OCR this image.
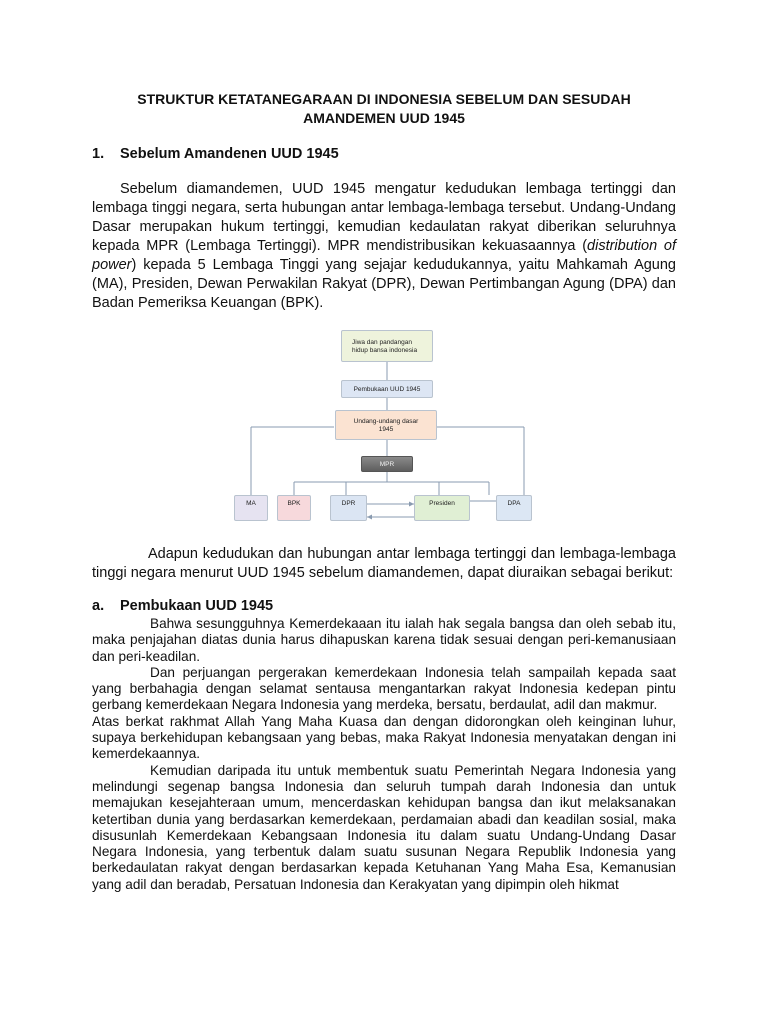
STRUKTUR KETATANEGARAAN DI INDONESIA SEBELUM DAN SESUDAH
AMANDEMEN UUD 1945
1. Sebelum Amandenen UUD 1945
Sebelum diamandemen, UUD 1945 mengatur kedudukan lembaga tertinggi dan lembaga tinggi negara, serta hubungan antar lembaga-lembaga tersebut. Undang-Undang Dasar merupakan hukum tertinggi, kemudian kedaulatan rakyat diberikan seluruhnya kepada MPR (Lembaga Tertinggi). MPR mendistribusikan kekuasaannya (distribution of power) kepada 5 Lembaga Tinggi yang sejajar kedudukannya, yaitu Mahkamah Agung (MA), Presiden, Dewan Perwakilan Rakyat (DPR), Dewan Pertimbangan Agung (DPA) dan Badan Pemeriksa Keuangan (BPK).
Jiwa dan pandangan
hidup bansa indonesia
Pembukaan UUD 1945
Undang-undang dasar
1945
MPR
MA	BPK	DPR	Presiden	DPA
Adapun kedudukan dan hubungan antar lembaga tertinggi dan lembaga-lembaga tinggi negara menurut UUD 1945 sebelum diamandemen, dapat diuraikan sebagai berikut:
a. Pembukaan UUD 1945

Bahwa sesungguhnya Kemerdekaaan itu ialah hak segala bangsa dan oleh sebab itu, maka penjajahan diatas dunia harus dihapuskan karena tidak sesuai dengan peri-kemanusiaan dan peri-keadilan.

Dan perjuangan pergerakan kemerdekaan Indonesia telah sampailah kepada saat yang berbahagia dengan selamat sentausa mengantarkan rakyat Indonesia kedepan pintu gerbang kemerdekaan Negara Indonesia yang merdeka, bersatu, berdaulat, adil dan makmur.

Atas berkat rakhmat Allah Yang Maha Kuasa dan dengan didorongkan oleh keinginan luhur, supaya berkehidupan kebangsaan yang bebas, maka Rakyat Indonesia menyatakan dengan ini kemerdekaannya.

Kemudian daripada itu untuk membentuk suatu Pemerintah Negara Indonesia yang melindungi segenap bangsa Indonesia dan seluruh tumpah darah Indonesia dan untuk memajukan kesejahteraan umum, mencerdaskan kehidupan bangsa dan ikut melaksanakan ketertiban dunia yang berdasarkan kemerdekaan, perdamaian abadi dan keadilan sosial, maka disusunlah Kemerdekaan Kebangsaan Indonesia itu dalam suatu Undang-Undang Dasar Negara Indonesia, yang terbentuk dalam suatu susunan Negara Republik Indonesia yang berkedaulatan rakyat dengan berdasarkan kepada Ketuhanan Yang Maha Esa, Kemanusian yang adil dan beradab, Persatuan Indonesia dan Kerakyatan yang dipimpin oleh hikmat
